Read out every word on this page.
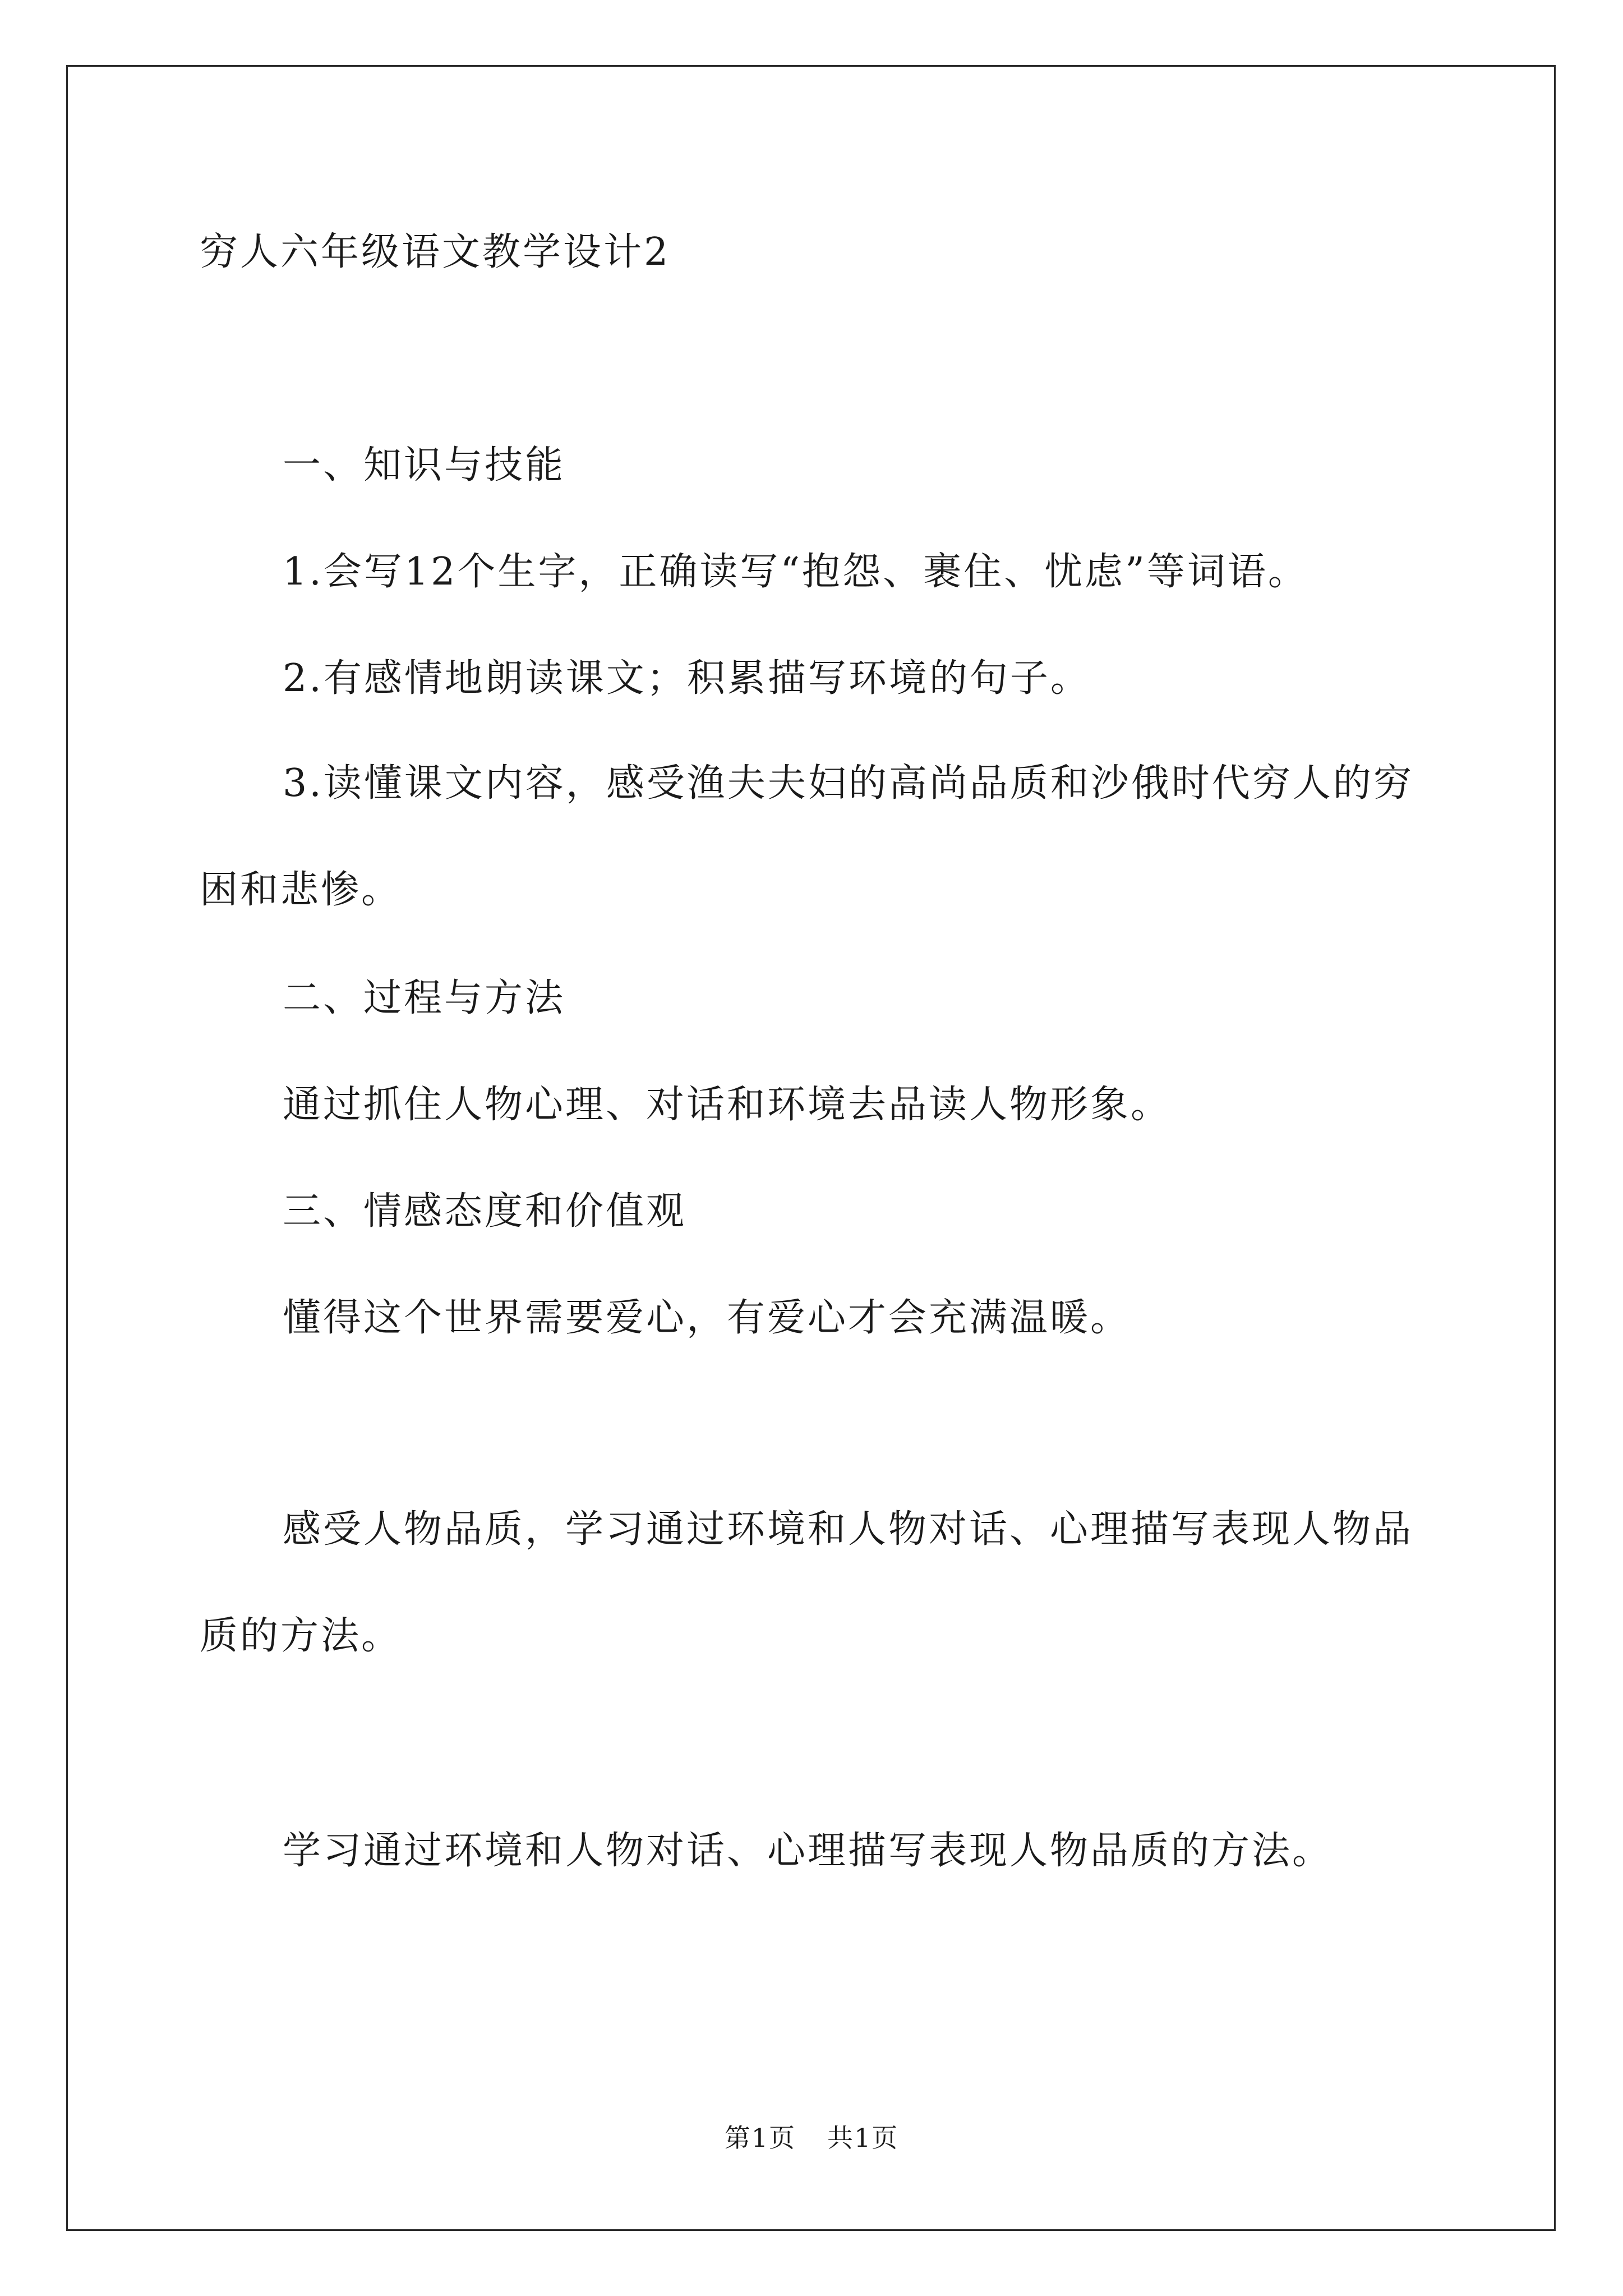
穷人六年级语文教学设计2
一、知识与技能
1.会写12个生字，正确读写“抱怨、裹住、忧虑”等词语。
2.有感情地朗读课文；积累描写环境的句子。
3.读懂课文内容，感受渔夫夫妇的高尚品质和沙俄时代穷人的穷困和悲惨。
二、过程与方法
通过抓住人物心理、对话和环境去品读人物形象。
三、情感态度和价值观
懂得这个世界需要爱心，有爱心才会充满温暖。
感受人物品质，学习通过环境和人物对话、心理描写表现人物品质的方法。
学习通过环境和人物对话、心理描写表现人物品质的方法。
第1页 共1页
